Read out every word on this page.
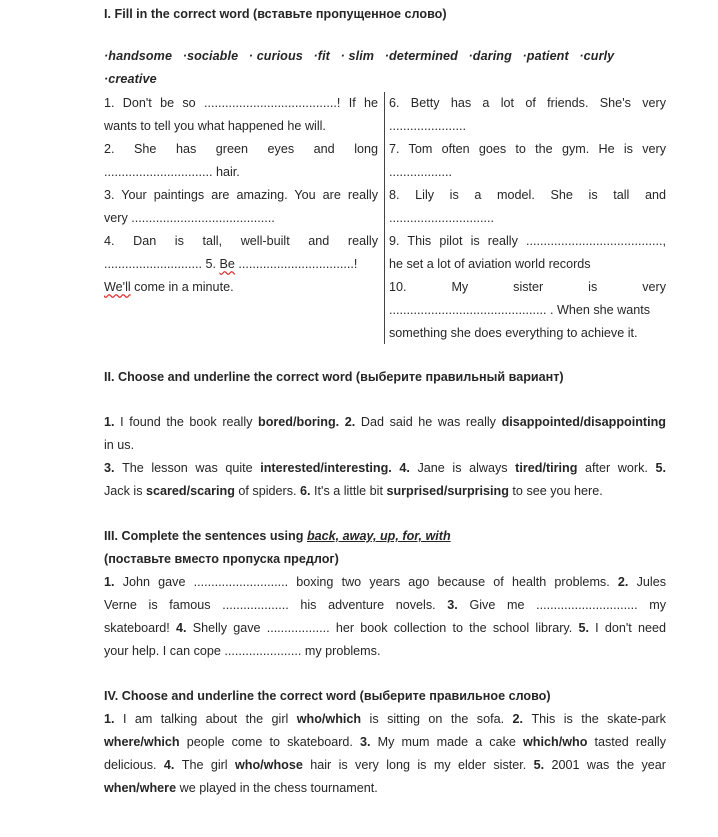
I. Fill in the correct word (вставьте пропущенное слово)
·handsome ·sociable · curious ·fit · slim ·determined ·daring ·patient ·curly ·creative
1. Don't be so ......................................! If he
wants to tell you what happened he will.
2. She has green eyes and long
............................... hair.
3. Your paintings are amazing. You are really
very .........................................
4. Dan is tall, well-built and really
............................ 5. Be .................................!
We'll come in a minute.
6. Betty has a lot of friends. She's very
......................
7. Tom often goes to the gym. He is very
..................
8. Lily is a model. She is tall and
..............................
9. This pilot is really .......................................,
he set a lot of aviation world records
10. My sister is very
............................................. . When she wants
something she does everything to achieve it.
II. Choose and underline the correct word (выберите правильный вариант)
1. I found the book really bored/boring. 2. Dad said he was really disappointed/disappointing
in us.
3. The lesson was quite interested/interesting. 4. Jane is always tired/tiring after work. 5.
Jack is scared/scaring of spiders. 6. It's a little bit surprised/surprising to see you here.
III. Complete the sentences using back, away, up, for, with
(поставьте вместо пропуска предлог)
1. John gave ........................... boxing two years ago because of health problems. 2. Jules
Verne is famous ................... his adventure novels. 3. Give me ............................. my
skateboard! 4. Shelly gave .................. her book collection to the school library. 5. I don't need
your help. I can cope ...................... my problems.
IV. Choose and underline the correct word (выберите правильное слово)
1. I am talking about the girl who/which is sitting on the sofa. 2. This is the skate-park
where/which people come to skateboard. 3. My mum made a cake which/who tasted really
delicious. 4. The girl who/whose hair is very long is my elder sister. 5. 2001 was the year
when/where we played in the chess tournament.
